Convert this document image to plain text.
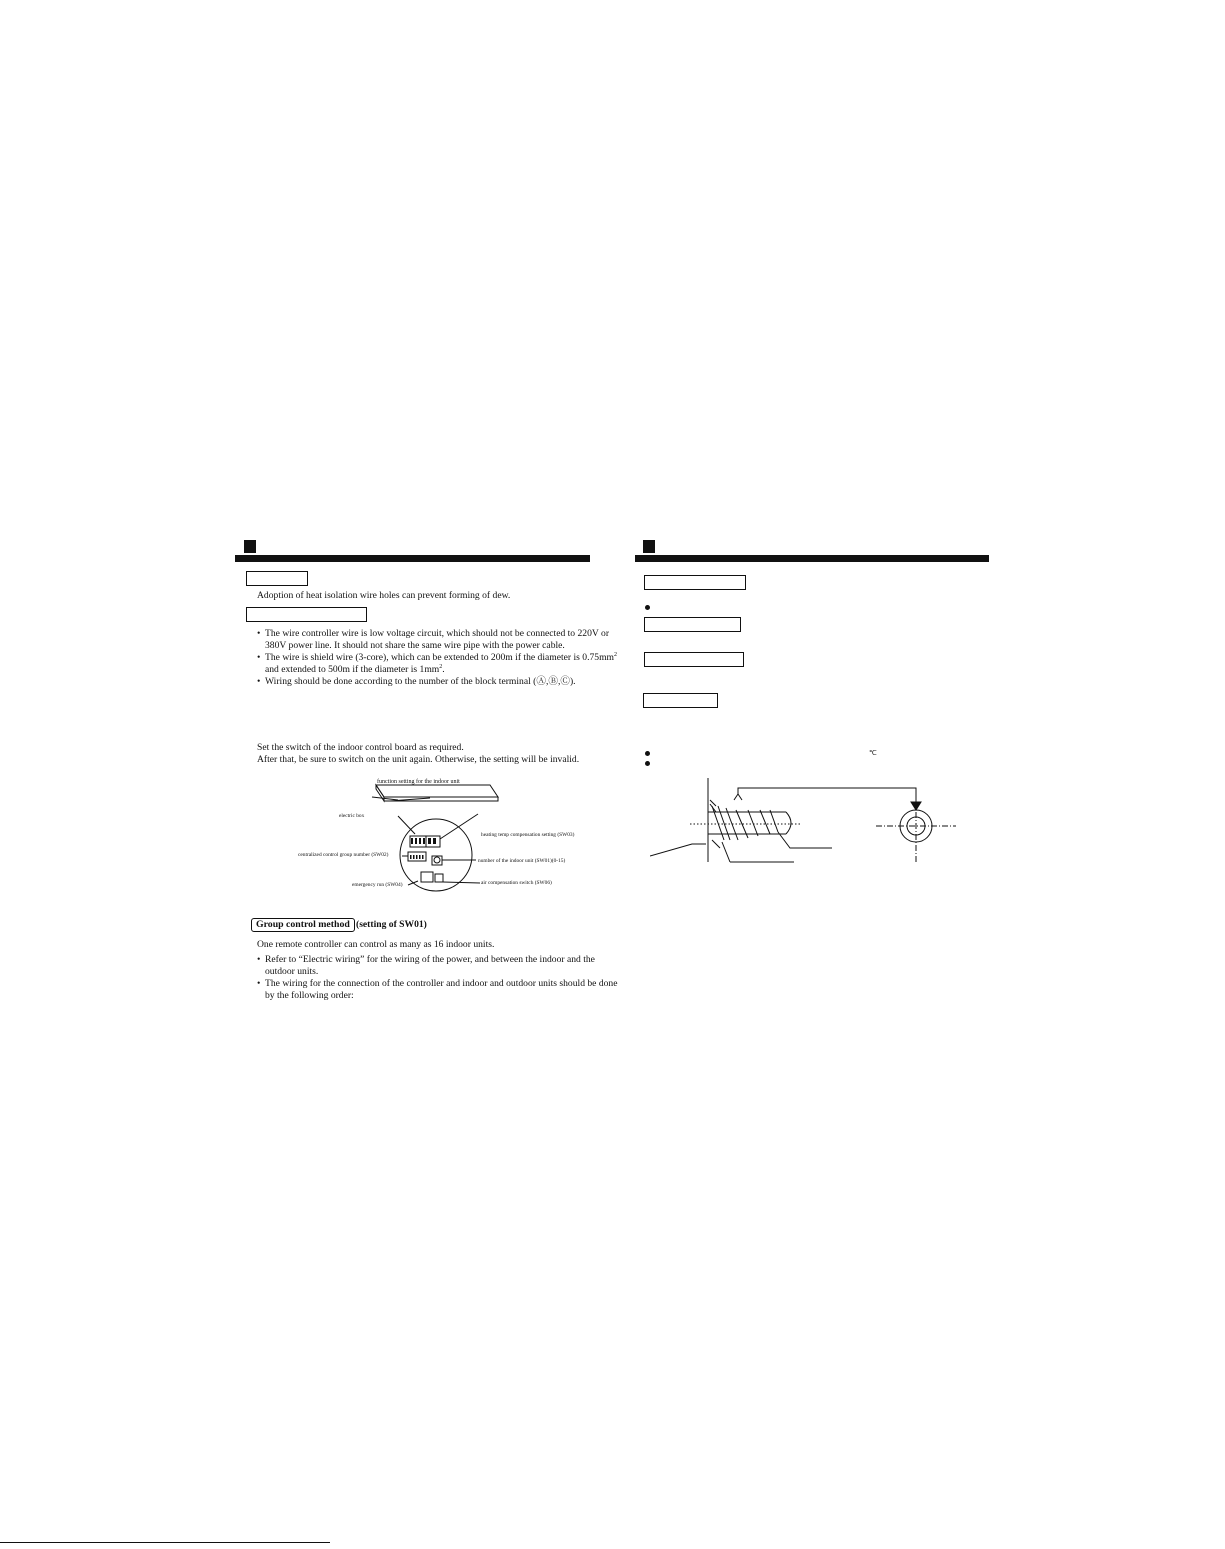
Adoption of heat isolation wire holes can prevent forming of dew.
• The wire controller wire is low voltage circuit, which should not be connected to 220V or
380V power line. It should not share the same wire pipe with the power cable.
• The wire is shield wire (3-core), which can be extended to 200m if the diameter is $0.75mm^2$
and extended to 500m if the diameter is $1mm^2$.
• Wiring should be done according to the number of the block terminal (Ⓐ,Ⓑ,Ⓒ).
Set the switch of the indoor control board as required.
After that, be sure to switch on the unit again. Otherwise, the setting will be invalid.
function setting for the indoor unit
electric box
heating temp compensation setting (SW03)
centralized control group number (SW02)
number of the indoor unit (SW01)(0-15)
emergency run (SW04)	air compensation switch (SW06)
Group control method (setting of SW01)
One remote controller can control as many as 16 indoor units.
• Refer to “Electric wiring” for the wiring of the power, and between the indoor and the
outdoor units.
• The wiring for the connection of the controller and indoor and outdoor units should be done
by the following order:
℃
